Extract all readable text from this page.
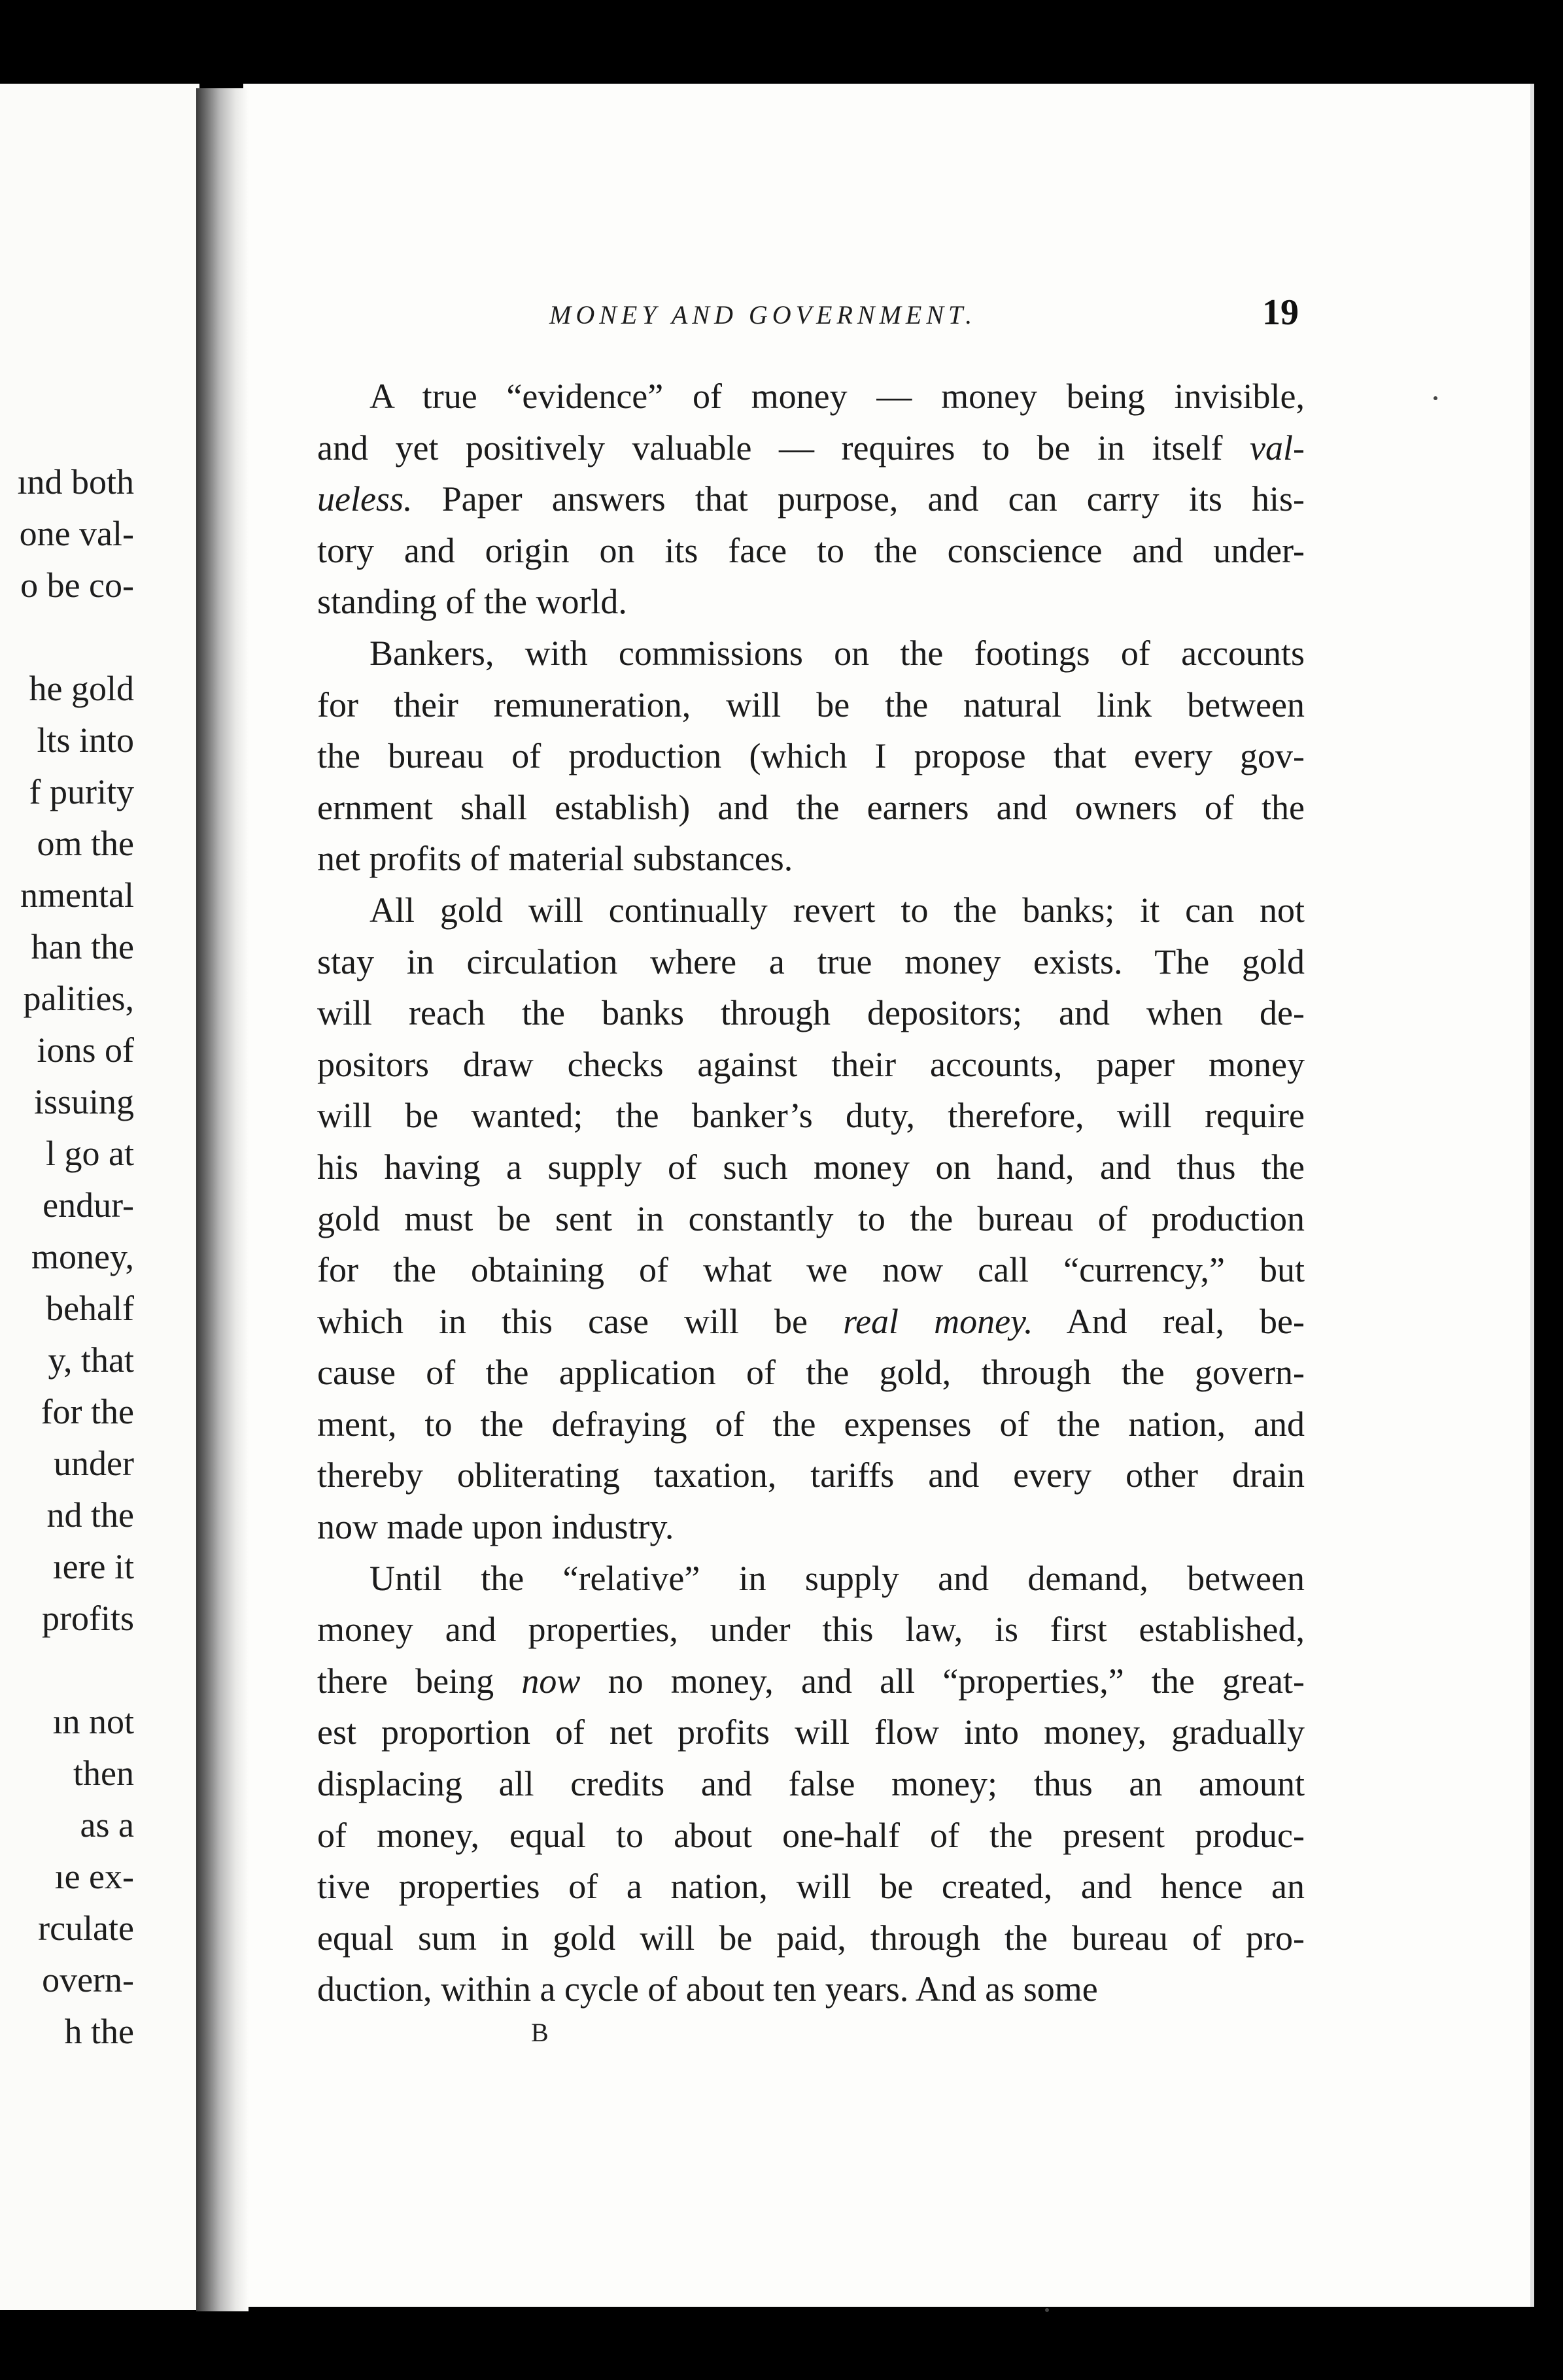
ınd both
one val-
o be co-
he gold
lts into
f purity
om the
nmental
han the
palities,
ions of
issuing
l go at
endur-
money,
behalf
y, that
for the
under
nd the
ıere it
profits
ın not
then
as a
ıe ex-
rculate
overn-
h the
MONEY AND GOVERNMENT.	19

A true “evidence” of money — money being invisible,
and yet positively valuable — requires to be in itself val-
ueless. Paper answers that purpose, and can carry its his-
tory and origin on its face to the conscience and under-
standing of the world.

Bankers, with commissions on the footings of accounts
for their remuneration, will be the natural link between
the bureau of production (which I propose that every gov-
ernment shall establish) and the earners and owners of the
net profits of material substances.

All gold will continually revert to the banks; it can not
stay in circulation where a true money exists. The gold
will reach the banks through depositors; and when de-
positors draw checks against their accounts, paper money
will be wanted; the banker’s duty, therefore, will require
his having a supply of such money on hand, and thus the
gold must be sent in constantly to the bureau of production
for the obtaining of what we now call “currency,” but
which in this case will be real money. And real, be-
cause of the application of the gold, through the govern-
ment, to the defraying of the expenses of the nation, and
thereby obliterating taxation, tariffs and every other drain
now made upon industry.

Until the “relative” in supply and demand, between
money and properties, under this law, is first established,
there being now no money, and all “properties,” the great-
est proportion of net profits will flow into money, gradually
displacing all credits and false money; thus an amount
of money, equal to about one-half of the present produc-
tive properties of a nation, will be created, and hence an
equal sum in gold will be paid, through the bureau of pro-
duction, within a cycle of about ten years. And as some

B
